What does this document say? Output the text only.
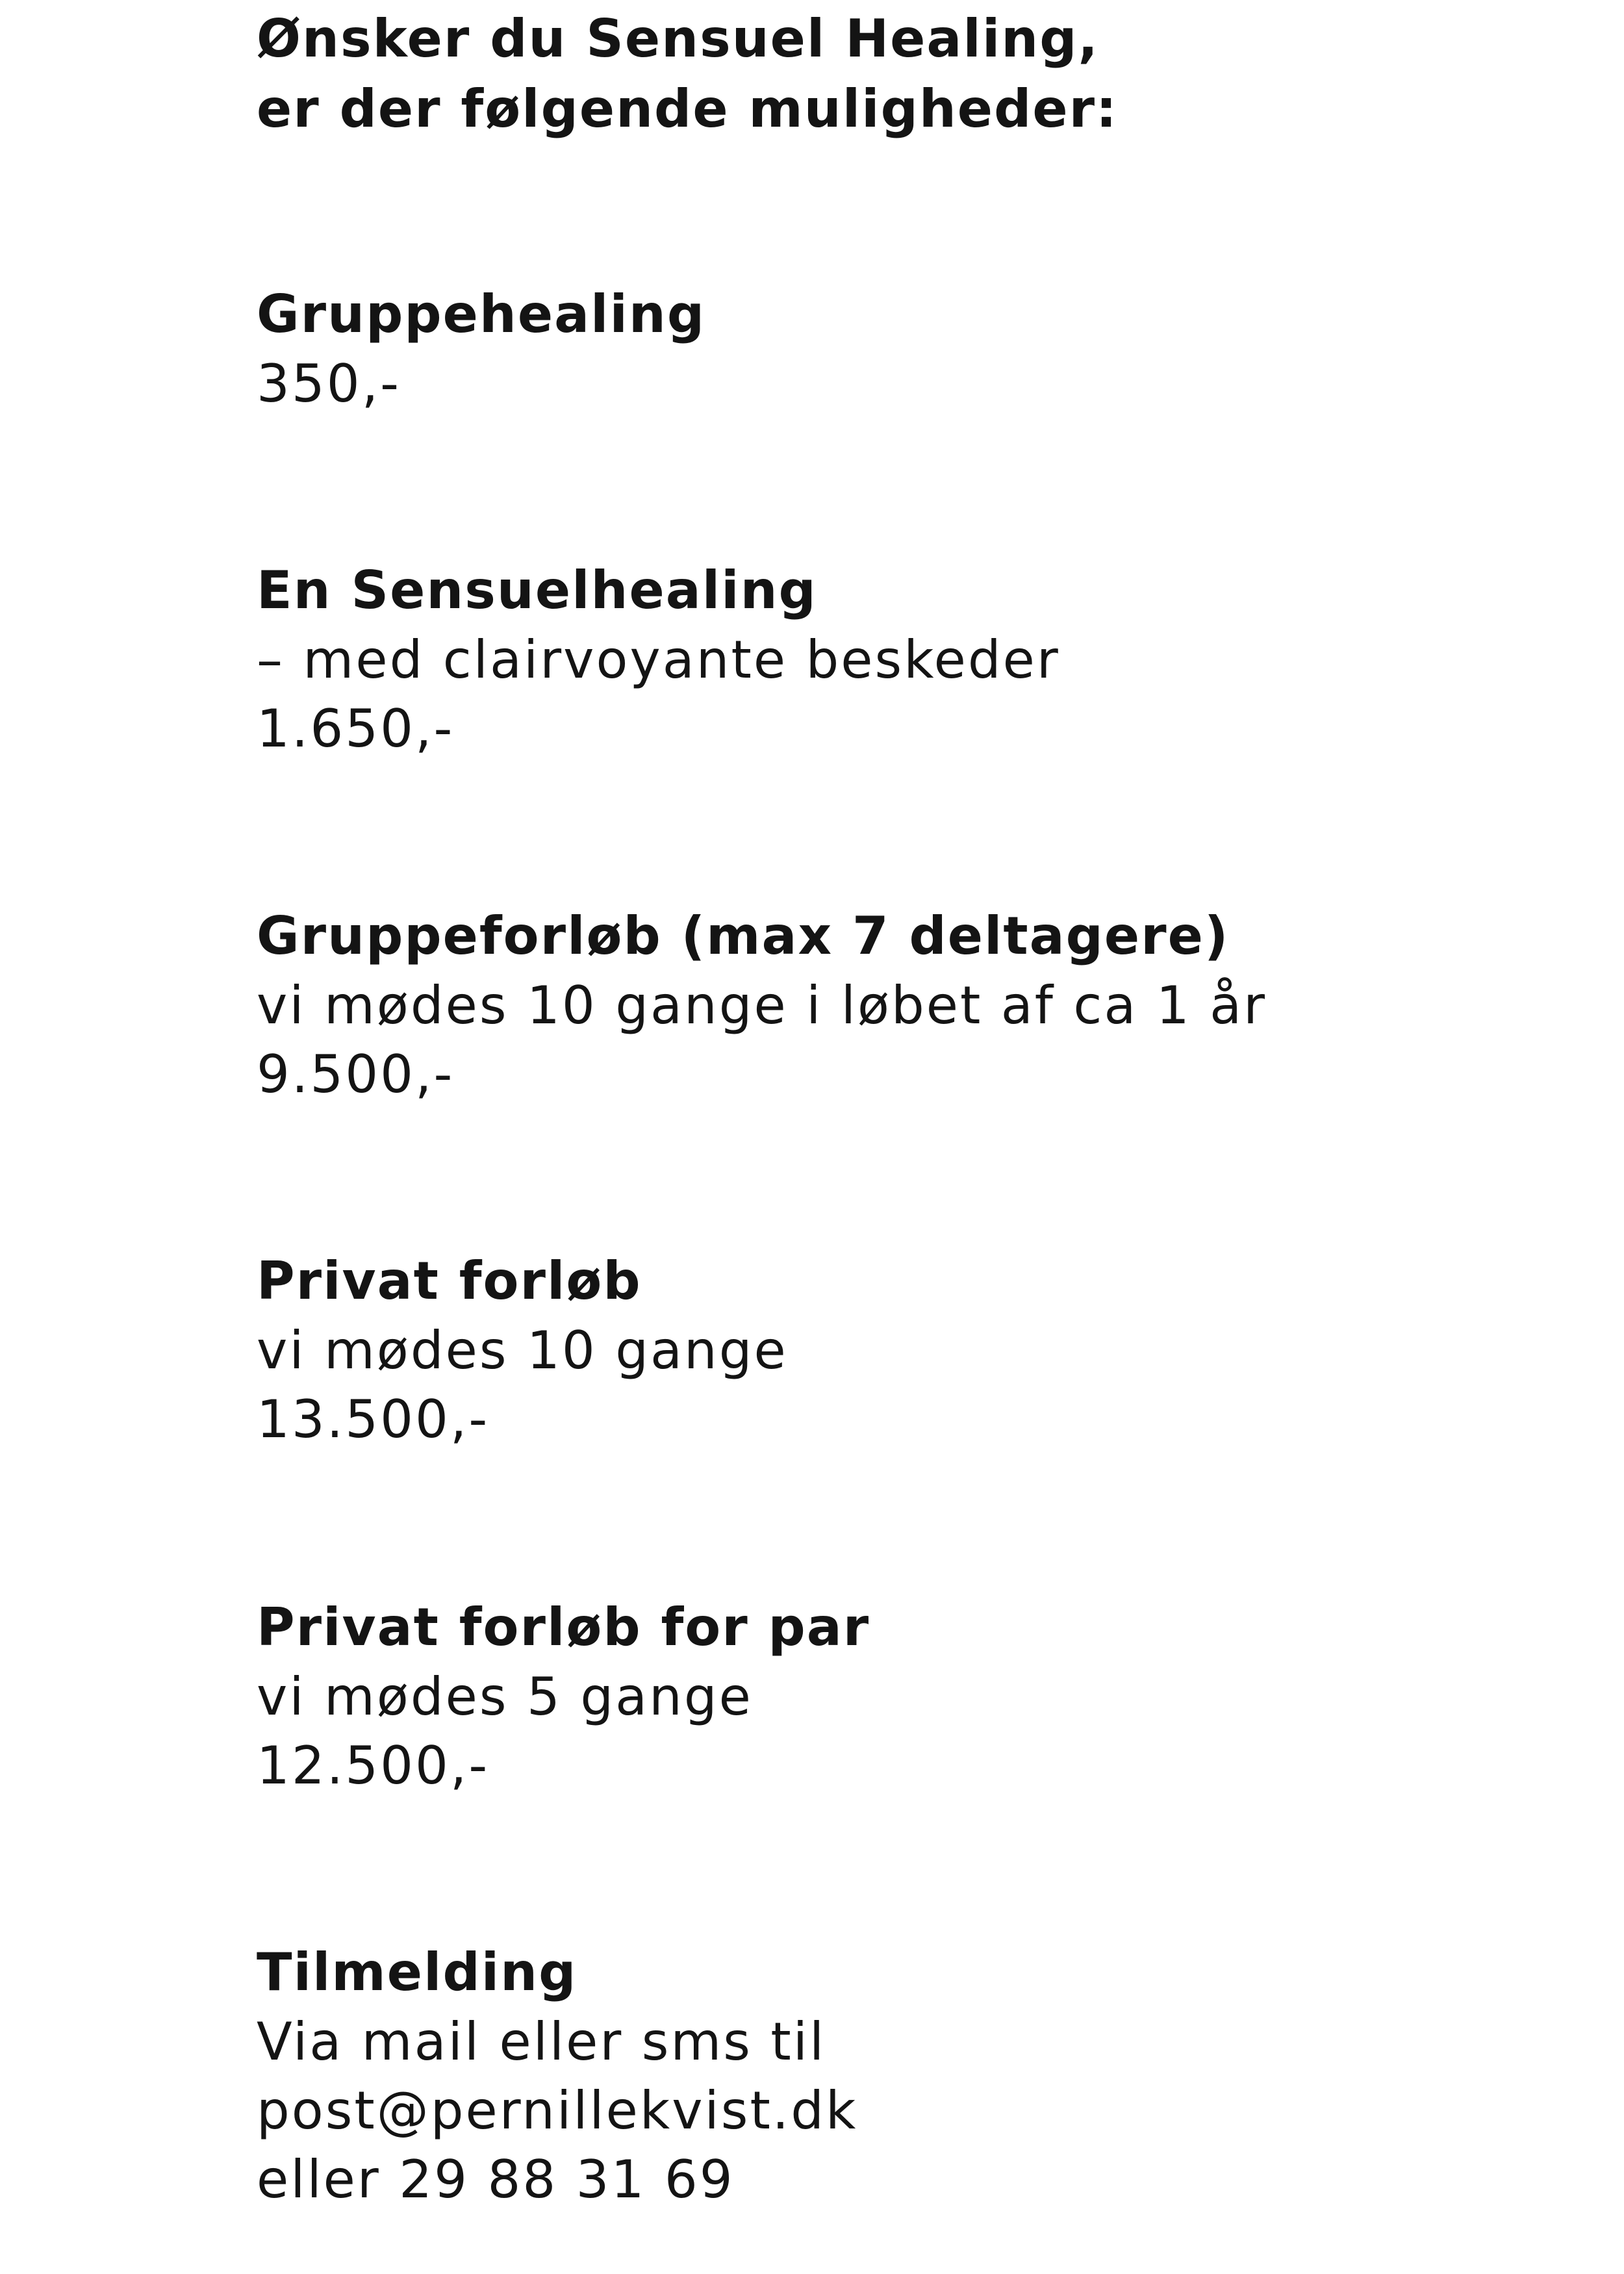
Ønsker du Sensuel Healing,
er der følgende muligheder:
Gruppehealing
350,-
En Sensuelhealing
– med clairvoyante beskeder
1.650,-
Gruppeforløb (max 7 deltagere)
vi mødes 10 gange i løbet af ca 1 år
9.500,-
Privat forløb
vi mødes 10 gange
13.500,-
Privat forløb for par
vi mødes 5 gange
12.500,-
Tilmelding
Via mail eller sms til
post@pernillekvist.dk
eller 29 88 31 69
